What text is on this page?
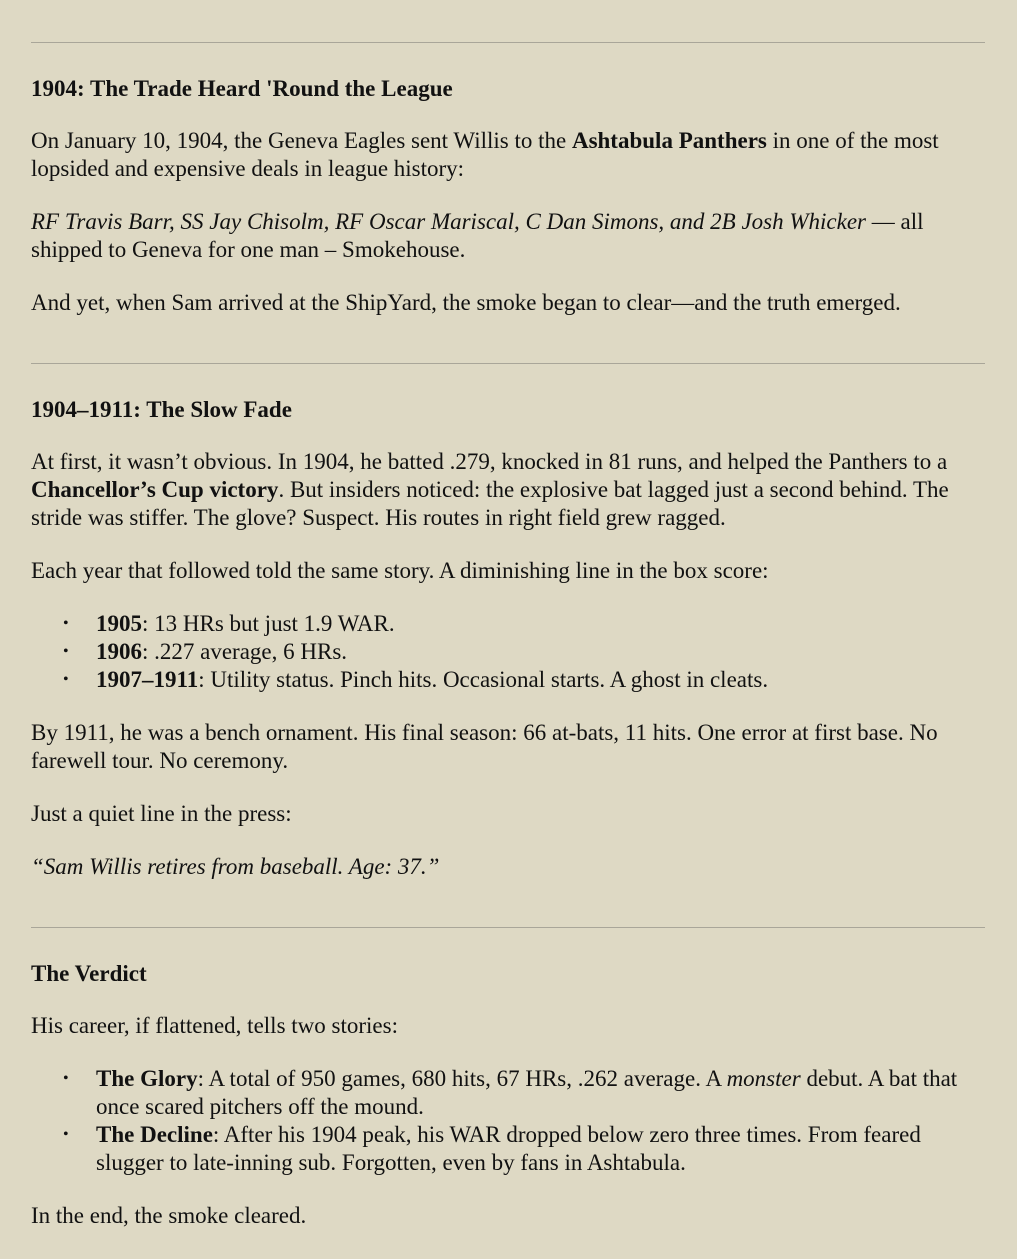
1904: The Trade Heard 'Round the League

On January 10, 1904, the Geneva Eagles sent Willis to the Ashtabula Panthers in one of the most lopsided and expensive deals in league history:

RF Travis Barr, SS Jay Chisolm, RF Oscar Mariscal, C Dan Simons, and 2B Josh Whicker — all shipped to Geneva for one man – Smokehouse.

And yet, when Sam arrived at the ShipYard, the smoke began to clear—and the truth emerged.

1904–1911: The Slow Fade

At first, it wasn’t obvious. In 1904, he batted .279, knocked in 81 runs, and helped the Panthers to a Chancellor’s Cup victory. But insiders noticed: the explosive bat lagged just a second behind. The stride was stiffer. The glove? Suspect. His routes in right field grew ragged.

Each year that followed told the same story. A diminishing line in the box score:

• 1905: 13 HRs but just 1.9 WAR.
• 1906: .227 average, 6 HRs.
• 1907–1911: Utility status. Pinch hits. Occasional starts. A ghost in cleats.

By 1911, he was a bench ornament. His final season: 66 at-bats, 11 hits. One error at first base. No farewell tour. No ceremony.

Just a quiet line in the press:

“Sam Willis retires from baseball. Age: 37.”

The Verdict

His career, if flattened, tells two stories:

• The Glory: A total of 950 games, 680 hits, 67 HRs, .262 average. A monster debut. A bat that once scared pitchers off the mound.
• The Decline: After his 1904 peak, his WAR dropped below zero three times. From feared slugger to late-inning sub. Forgotten, even by fans in Ashtabula.

In the end, the smoke cleared.
